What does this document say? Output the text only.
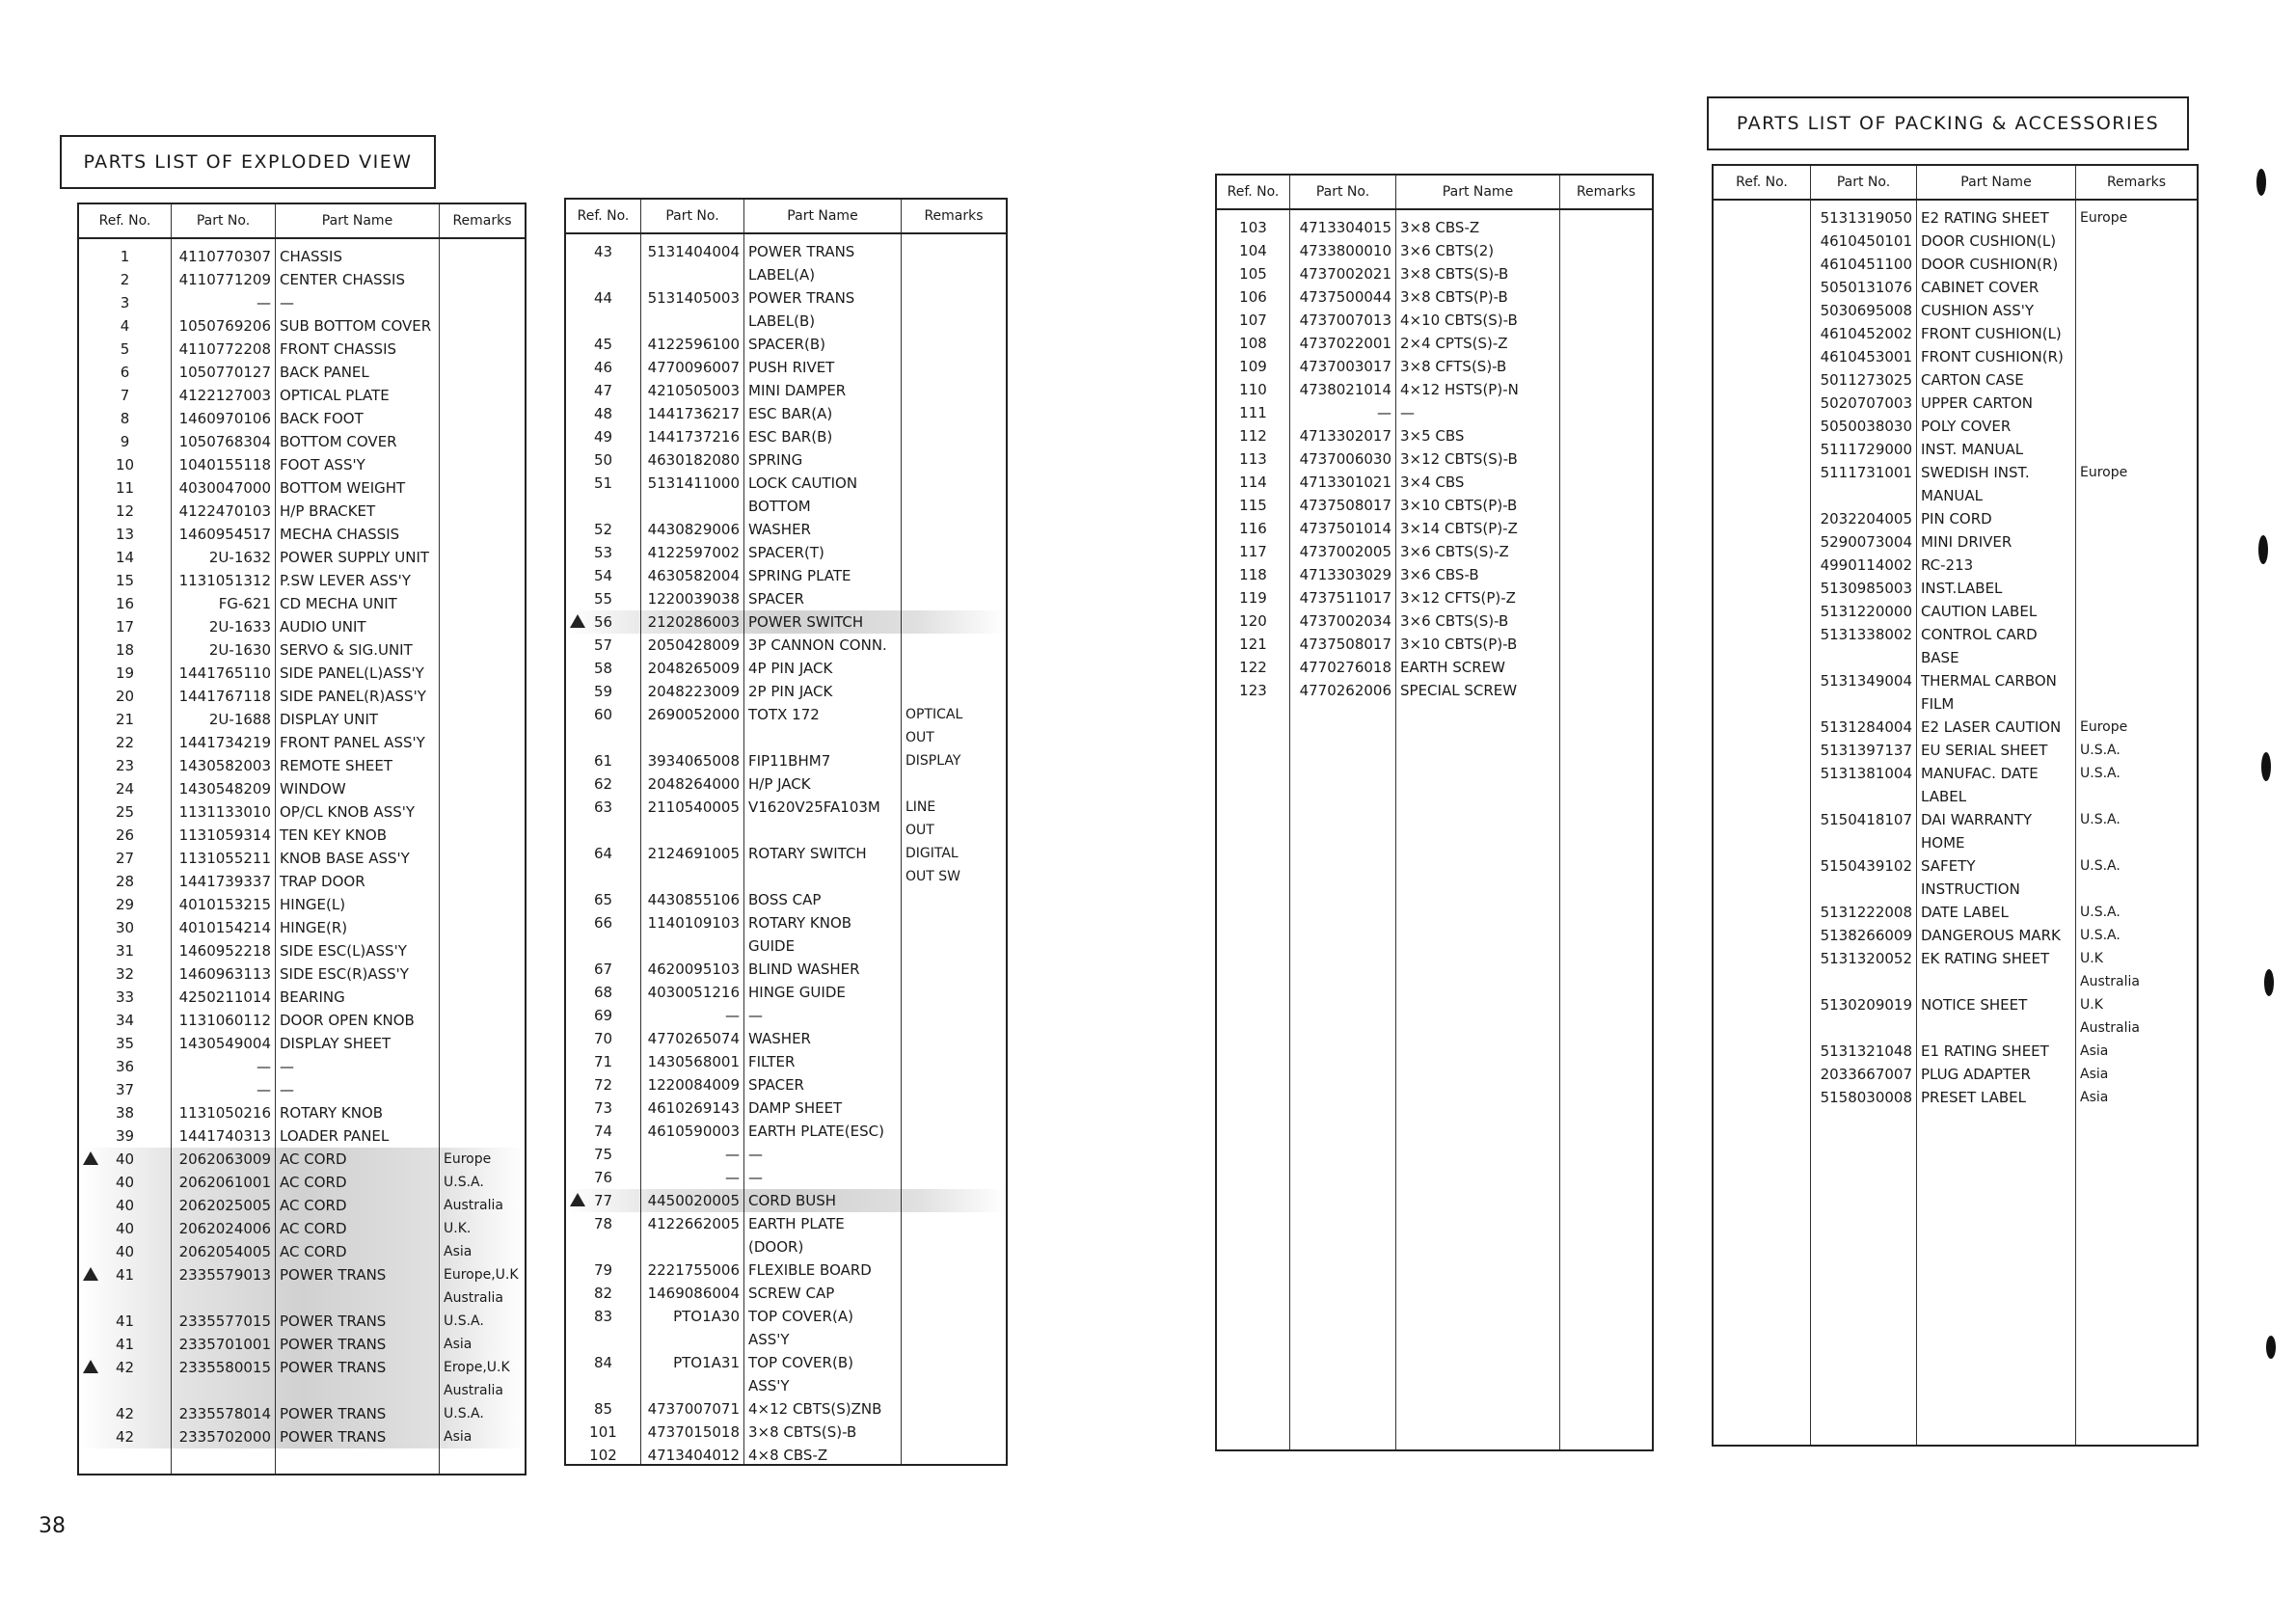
PARTS LIST OF EXPLODED VIEW
PARTS LIST OF PACKING & ACCESSORIES
Ref. No.	Part No.	Part Name	Remarks
1	4110770307 CHASSIS
2	4110771209 CENTER CHASSIS
3	— —
4	1050769206 SUB BOTTOM COVER
5	4110772208 FRONT CHASSIS
6	1050770127 BACK PANEL
7	4122127003 OPTICAL PLATE
8	1460970106 BACK FOOT
9	1050768304 BOTTOM COVER
10	1040155118 FOOT ASS'Y
11	4030047000 BOTTOM WEIGHT
12	4122470103 H/P BRACKET
13	1460954517 MECHA CHASSIS
14	2U-1632 POWER SUPPLY UNIT
15	1131051312 P.SW LEVER ASS'Y
16	FG-621 CD MECHA UNIT
17	2U-1633 AUDIO UNIT
18	2U-1630 SERVO & SIG.UNIT
19	1441765110 SIDE PANEL(L)ASS'Y
20	1441767118 SIDE PANEL(R)ASS'Y
21	2U-1688 DISPLAY UNIT
22	1441734219 FRONT PANEL ASS'Y
23	1430582003 REMOTE SHEET
24	1430548209 WINDOW
25	1131133010 OP/CL KNOB ASS'Y
26	1131059314 TEN KEY KNOB
27	1131055211 KNOB BASE ASS'Y
28	1441739337 TRAP DOOR
29	4010153215 HINGE(L)
30	4010154214 HINGE(R)
31	1460952218 SIDE ESC(L)ASS'Y
32	1460963113 SIDE ESC(R)ASS'Y
33	4250211014 BEARING
34	1131060112 DOOR OPEN KNOB
35	1430549004 DISPLAY SHEET
36	— —
37	— —
38	1131050216 ROTARY KNOB
39	1441740313 LOADER PANEL
40	2062063009 AC CORD	Europe
40	2062061001 AC CORD	U.S.A.
40	2062025005 AC CORD	Australia
40	2062024006 AC CORD	U.K.
40	2062054005 AC CORD	Asia
41	2335579013 POWER TRANS	Europe,U.K
Australia
41	2335577015 POWER TRANS	U.S.A.
41	2335701001 POWER TRANS	Asia
42	2335580015 POWER TRANS	Erope,U.K
Australia
42	2335578014 POWER TRANS	U.S.A.
42	2335702000 POWER TRANS	Asia
Ref. No.	Part No.	Part Name	Remarks
43	5131404004 POWER TRANS
LABEL(A)
44	5131405003 POWER TRANS
LABEL(B)
45	4122596100 SPACER(B)
46	4770096007 PUSH RIVET
47	4210505003 MINI DAMPER
48	1441736217 ESC BAR(A)
49	1441737216 ESC BAR(B)
50	4630182080 SPRING
51	5131411000 LOCK CAUTION
BOTTOM
52	4430829006 WASHER
53	4122597002 SPACER(T)
54	4630582004 SPRING PLATE
55	1220039038 SPACER
56	2120286003 POWER SWITCH
57	2050428009 3P CANNON CONN.
58	2048265009 4P PIN JACK
59	2048223009 2P PIN JACK
60	2690052000 TOTX 172	OPTICAL
OUT
61	3934065008 FIP11BHM7	DISPLAY
62	2048264000 H/P JACK
63	2110540005 V1620V25FA103M	LINE
OUT
64	2124691005 ROTARY SWITCH	DIGITAL
OUT SW
65	4430855106 BOSS CAP
66	1140109103 ROTARY KNOB
GUIDE
67	4620095103 BLIND WASHER
68	4030051216 HINGE GUIDE
69	— —
70	4770265074 WASHER
71	1430568001 FILTER
72	1220084009 SPACER
73	4610269143 DAMP SHEET
74	4610590003 EARTH PLATE(ESC)
75	— —
76	— —
77	4450020005 CORD BUSH
78	4122662005 EARTH PLATE
(DOOR)
79	2221755006 FLEXIBLE BOARD
82	1469086004 SCREW CAP
83	PTO1A30 TOP COVER(A)
ASS'Y
84	PTO1A31 TOP COVER(B)
ASS'Y
85	4737007071 4×12 CBTS(S)ZNB
101	4737015018 3×8 CBTS(S)-B
102	4713404012 4×8 CBS-Z
Ref. No.	Part No.	Part Name	Remarks
103	4713304015 3×8 CBS-Z
104	4733800010 3×6 CBTS(2)
105	4737002021 3×8 CBTS(S)-B
106	4737500044 3×8 CBTS(P)-B
107	4737007013 4×10 CBTS(S)-B
108	4737022001 2×4 CPTS(S)-Z
109	4737003017 3×8 CFTS(S)-B
110	4738021014 4×12 HSTS(P)-N
111	— —
112	4713302017 3×5 CBS
113	4737006030 3×12 CBTS(S)-B
114	4713301021 3×4 CBS
115	4737508017 3×10 CBTS(P)-B
116	4737501014 3×14 CBTS(P)-Z
117	4737002005 3×6 CBTS(S)-Z
118	4713303029 3×6 CBS-B
119	4737511017 3×12 CFTS(P)-Z
120	4737002034 3×6 CBTS(S)-B
121	4737508017 3×10 CBTS(P)-B
122	4770276018 EARTH SCREW
123	4770262006 SPECIAL SCREW
Ref. No.	Part No.	Part Name	Remarks
5131319050 E2 RATING SHEET	Europe
4610450101 DOOR CUSHION(L)
4610451100 DOOR CUSHION(R)
5050131076 CABINET COVER
5030695008 CUSHION ASS'Y
4610452002 FRONT CUSHION(L)
4610453001 FRONT CUSHION(R)
5011273025 CARTON CASE
5020707003 UPPER CARTON
5050038030 POLY COVER
5111729000 INST. MANUAL
5111731001 SWEDISH INST.	Europe
MANUAL
2032204005 PIN CORD
5290073004 MINI DRIVER
4990114002 RC-213
5130985003 INST.LABEL
5131220000 CAUTION LABEL
5131338002 CONTROL CARD
BASE
5131349004 THERMAL CARBON
FILM
5131284004 E2 LASER CAUTION	Europe
5131397137 EU SERIAL SHEET	U.S.A.
5131381004 MANUFAC. DATE	U.S.A.
LABEL
5150418107 DAI WARRANTY	U.S.A.
HOME
5150439102 SAFETY	U.S.A.
INSTRUCTION
5131222008 DATE LABEL	U.S.A.
5138266009 DANGEROUS MARK	U.S.A.
5131320052 EK RATING SHEET	U.K
Australia
5130209019 NOTICE SHEET	U.K
Australia
5131321048 E1 RATING SHEET	Asia
2033667007 PLUG ADAPTER	Asia
5158030008 PRESET LABEL	Asia
38
